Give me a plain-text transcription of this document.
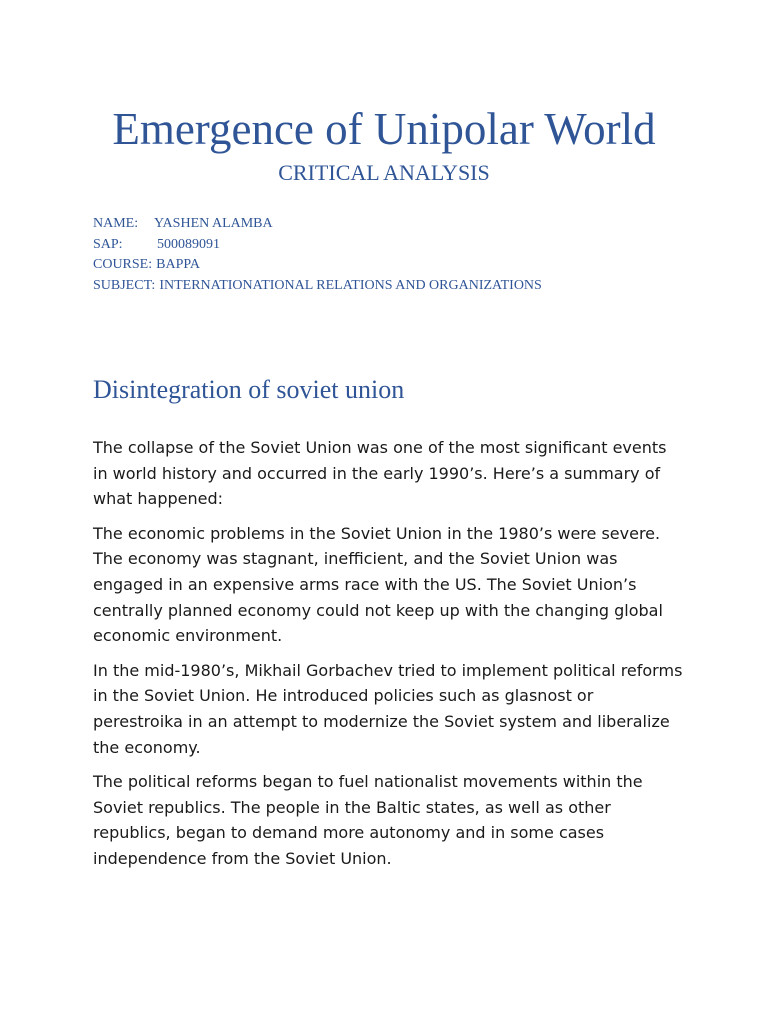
Emergence of Unipolar World
CRITICAL ANALYSIS
NAME:	YASHEN ALAMBA
SAP:	500089091
COURSE: BAPPA
SUBJECT: INTERNATIONATIONAL RELATIONS AND ORGANIZATIONS
Disintegration of soviet union

The collapse of the Soviet Union was one of the most significant events in world history and occurred in the early 1990’s. Here’s a summary of what happened:

The economic problems in the Soviet Union in the 1980’s were severe. The economy was stagnant, inefficient, and the Soviet Union was engaged in an expensive arms race with the US. The Soviet Union’s centrally planned economy could not keep up with the changing global economic environment.

In the mid-1980’s, Mikhail Gorbachev tried to implement political reforms in the Soviet Union. He introduced policies such as glasnost or perestroika in an attempt to modernize the Soviet system and liberalize the economy.

The political reforms began to fuel nationalist movements within the Soviet republics. The people in the Baltic states, as well as other republics, began to demand more autonomy and in some cases independence from the Soviet Union.
